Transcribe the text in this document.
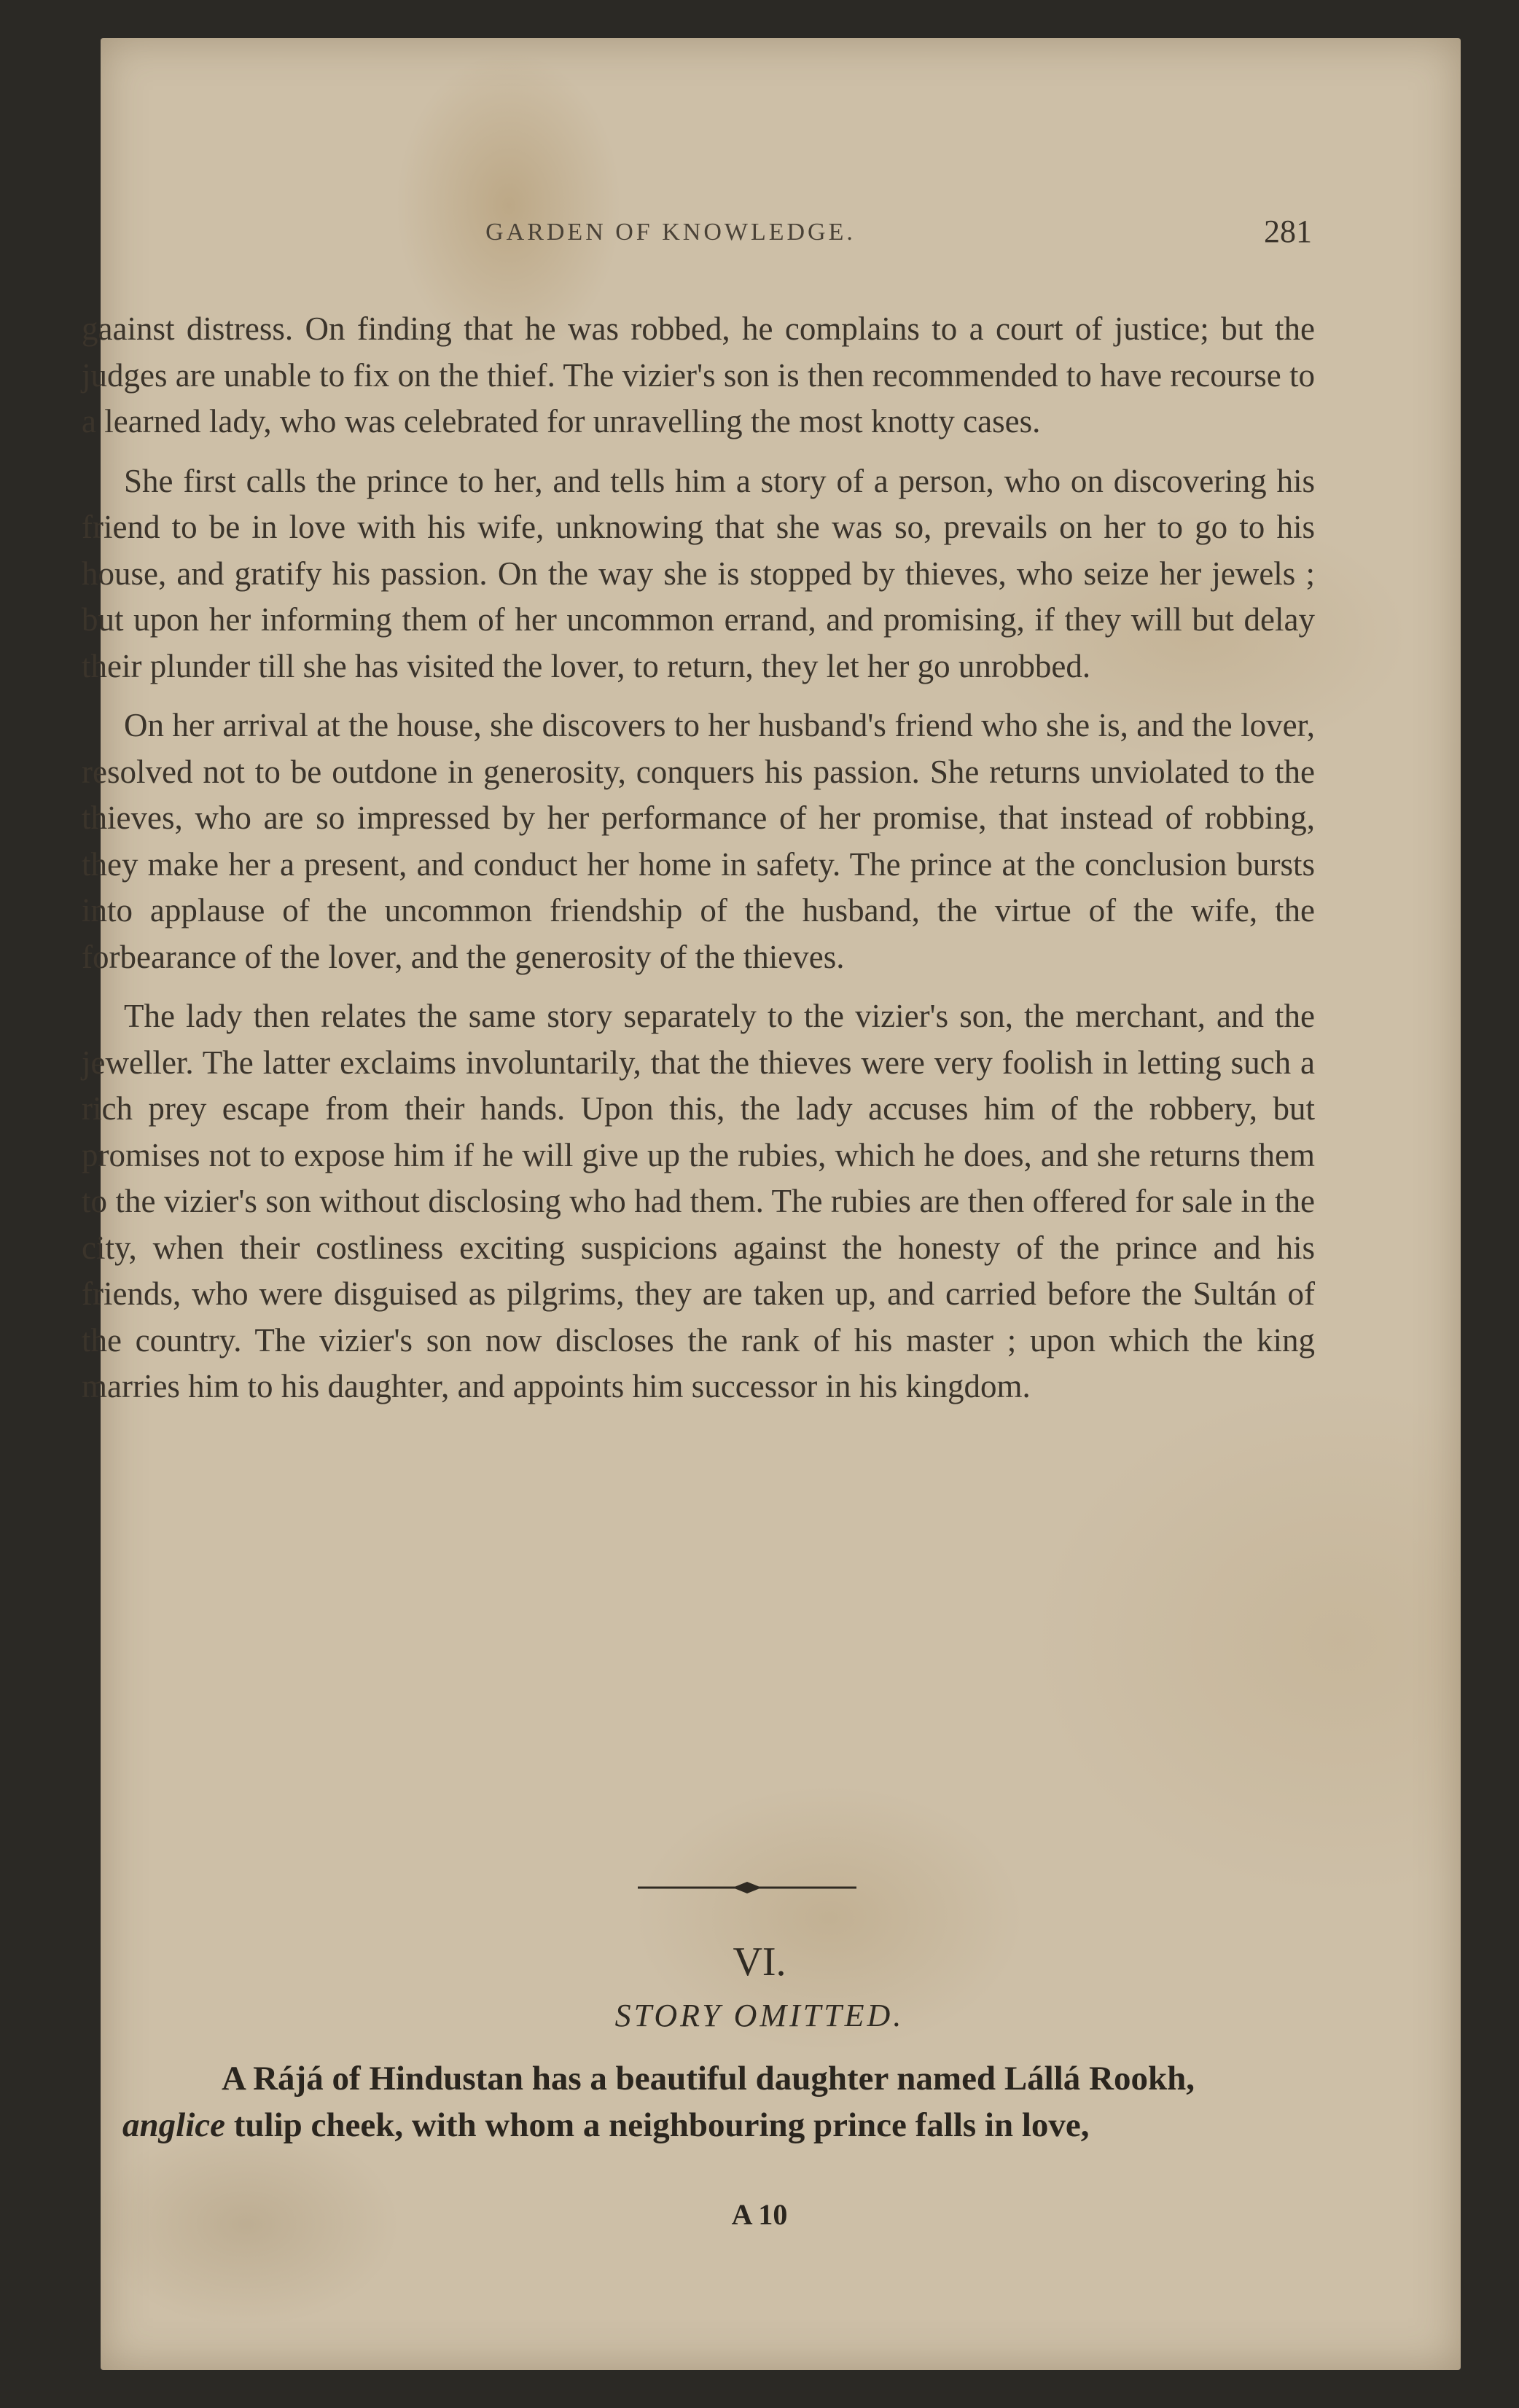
GARDEN OF KNOWLEDGE.	281

gaainst distress. On finding that he was robbed, he complains to a court of justice; but the judges are unable to fix on the thief. The vizier's son is then recommended to have recourse to a learned lady, who was celebrated for unravelling the most knotty cases.

She first calls the prince to her, and tells him a story of a person, who on discovering his friend to be in love with his wife, unknowing that she was so, prevails on her to go to his house, and gratify his passion. On the way she is stopped by thieves, who seize her jewels ; but upon her informing them of her uncommon errand, and promising, if they will but delay their plunder till she has visited the lover, to return, they let her go unrobbed.

On her arrival at the house, she discovers to her husband's friend who she is, and the lover, resolved not to be outdone in generosity, conquers his passion. She returns unviolated to the thieves, who are so impressed by her performance of her promise, that instead of robbing, they make her a present, and conduct her home in safety. The prince at the conclusion bursts into applause of the uncommon friendship of the husband, the virtue of the wife, the forbearance of the lover, and the generosity of the thieves.

The lady then relates the same story separately to the vizier's son, the merchant, and the jeweller. The latter exclaims involuntarily, that the thieves were very foolish in letting such a rich prey escape from their hands. Upon this, the lady accuses him of the robbery, but promises not to expose him if he will give up the rubies, which he does, and she returns them to the vizier's son without disclosing who had them. The rubies are then offered for sale in the city, when their costliness exciting suspicions against the honesty of the prince and his friends, who were disguised as pilgrims, they are taken up, and carried before the Sultán of the country. The vizier's son now discloses the rank of his master ; upon which the king marries him to his daughter, and appoints him successor in his kingdom.

VI.
STORY OMITTED.

A Rájá of Hindustan has a beautiful daughter named Lállá Rookh,
anglice tulip cheek, with whom a neighbouring prince falls in love,

A 10
